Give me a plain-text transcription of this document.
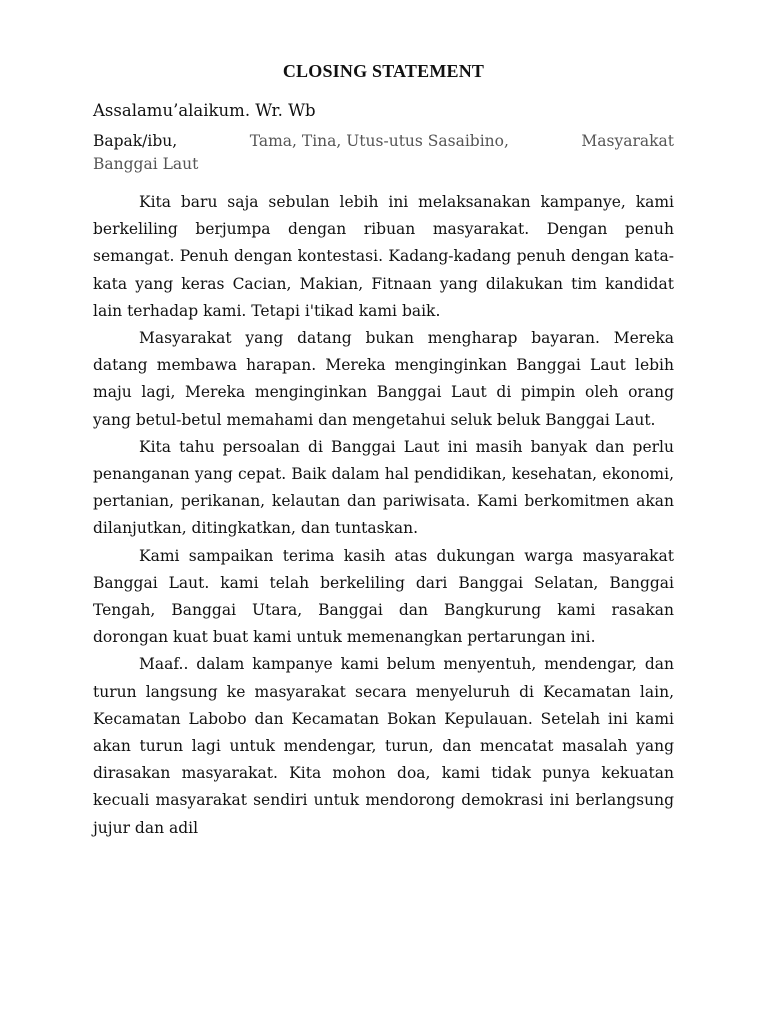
CLOSING STATEMENT
Assalamu’alaikum. Wr. Wb
Bapak/ibu,	Tama, Tina, Utus-utus Sasaibino,	Masyarakat
Banggai Laut

Kita baru saja sebulan lebih ini melaksanakan kampanye, kami berkeliling berjumpa dengan ribuan masyarakat. Dengan penuh semangat. Penuh dengan kontestasi. Kadang-kadang penuh dengan kata-kata yang keras Cacian, Makian, Fitnaan yang dilakukan tim kandidat lain terhadap kami. Tetapi i'tikad kami baik.

Masyarakat yang datang bukan mengharap bayaran. Mereka datang membawa harapan. Mereka menginginkan Banggai Laut lebih maju lagi, Mereka menginginkan Banggai Laut di pimpin oleh orang yang betul-betul memahami dan mengetahui seluk beluk Banggai Laut.

Kita tahu persoalan di Banggai Laut ini masih banyak dan perlu penanganan yang cepat. Baik dalam hal pendidikan, kesehatan, ekonomi, pertanian, perikanan, kelautan dan pariwisata. Kami berkomitmen akan dilanjutkan, ditingkatkan, dan tuntaskan.

Kami sampaikan terima kasih atas dukungan warga masyarakat Banggai Laut. kami telah berkeliling dari Banggai Selatan, Banggai Tengah, Banggai Utara, Banggai dan Bangkurung kami rasakan dorongan kuat buat kami untuk memenangkan pertarungan ini.

Maaf.. dalam kampanye kami belum menyentuh, mendengar, dan turun langsung ke masyarakat secara menyeluruh di Kecamatan lain, Kecamatan Labobo dan Kecamatan Bokan Kepulauan. Setelah ini kami akan turun lagi untuk mendengar, turun, dan mencatat masalah yang dirasakan masyarakat. Kita mohon doa, kami tidak punya kekuatan kecuali masyarakat sendiri untuk mendorong demokrasi ini berlangsung jujur dan adil
